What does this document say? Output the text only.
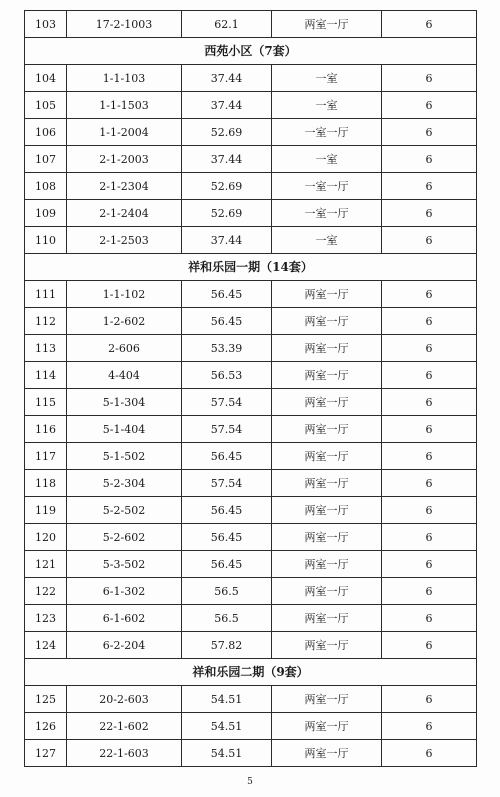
103	17-2-1003	62.1	两室一厅	6
西苑小区（7套）				
104	1-1-103	37.44	一室	6
105	1-1-1503	37.44	一室	6
106	1-1-2004	52.69	一室一厅	6
107	2-1-2003	37.44	一室	6
108	2-1-2304	52.69	一室一厅	6
109	2-1-2404	52.69	一室一厅	6
110	2-1-2503	37.44	一室	6
祥和乐园一期（14套）				
111	1-1-102	56.45	两室一厅	6
112	1-2-602	56.45	两室一厅	6
113	2-606	53.39	两室一厅	6
114	4-404	56.53	两室一厅	6
115	5-1-304	57.54	两室一厅	6
116	5-1-404	57.54	两室一厅	6
117	5-1-502	56.45	两室一厅	6
118	5-2-304	57.54	两室一厅	6
119	5-2-502	56.45	两室一厅	6
120	5-2-602	56.45	两室一厅	6
121	5-3-502	56.45	两室一厅	6
122	6-1-302	56.5	两室一厅	6
123	6-1-602	56.5	两室一厅	6
124	6-2-204	57.82	两室一厅	6
祥和乐园二期（9套）				
125	20-2-603	54.51	两室一厅	6
126	22-1-602	54.51	两室一厅	6
127	22-1-603	54.51	两室一厅	6
5
